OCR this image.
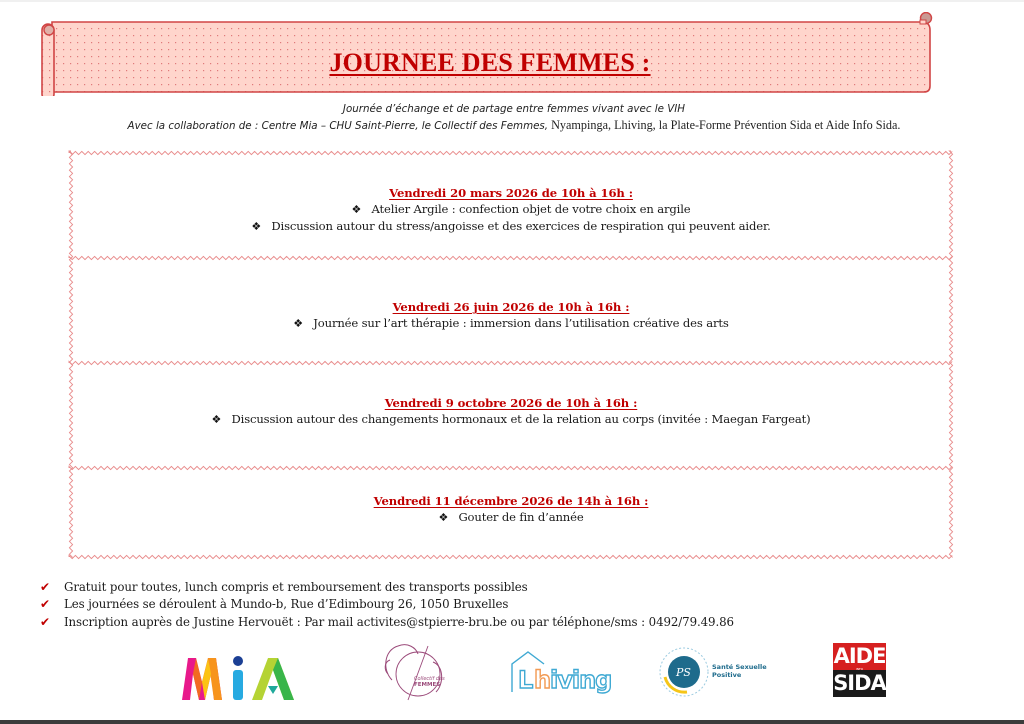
JOURNEE DES FEMMES :
Journée d’échange et de partage entre femmes vivant avec le VIH
Avec la collaboration de : Centre Mia – CHU Saint-Pierre, le Collectif des Femmes, Nyampinga, Lhiving, la Plate-Forme Prévention Sida et Aide Info Sida.
Vendredi 20 mars 2026 de 10h à 16h :
❖ Atelier Argile : confection objet de votre choix en argile
❖ Discussion autour du stress/angoisse et des exercices de respiration qui peuvent aider.
Vendredi 26 juin 2026 de 10h à 16h :
❖ Journée sur l’art thérapie : immersion dans l’utilisation créative des arts
Vendredi 9 octobre 2026 de 10h à 16h :
❖ Discussion autour des changements hormonaux et de la relation au corps (invitée : Maegan Fargeat)
Vendredi 11 décembre 2026 de 14h à 16h :
❖ Gouter de fin d’année
✔	Gratuit pour toutes, lunch compris et remboursement des transports possibles
✔	Les journées se déroulent à Mundo-b, Rue d’Edimbourg 26, 1050 Bruxelles
✔	Inscription auprès de Justine Hervouët : Par mail activites@stpierre-bru.be ou par téléphone/sms : 0492/79.49.86
Collectif des
FEMMES	L h
iving	PS	Santé Sexuelle
Positive
AIDE
SIDA
INFO
